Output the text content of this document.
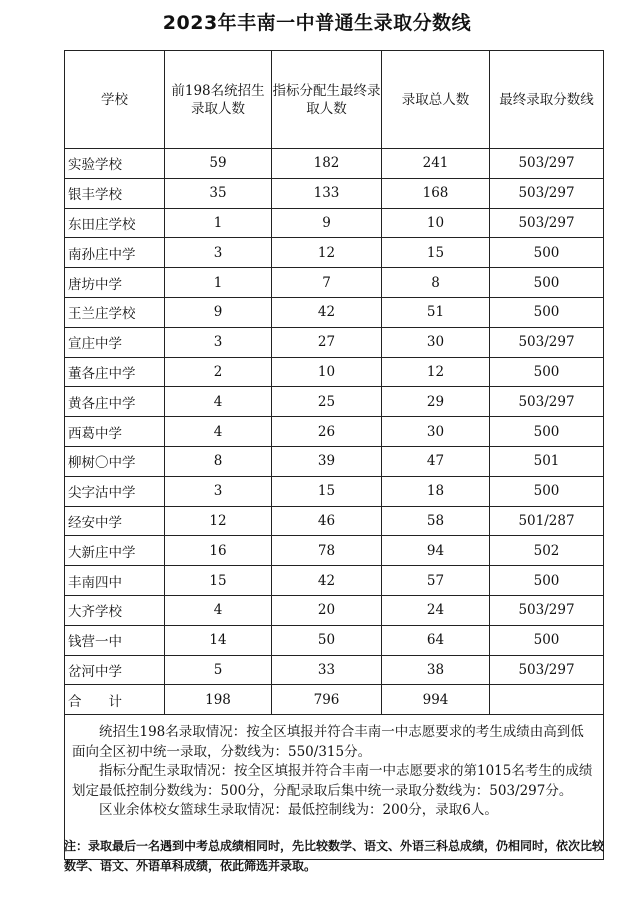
2023年丰南一中普通生录取分数线
学校	前198名统招生录取人数	指标分配生最终录取人数	录取总人数	最终录取分数线
实验学校	59	182	241	503/297
银丰学校	35	133	168	503/297
东田庄学校	1	9	10	503/297
南孙庄中学	3	12	15	500
唐坊中学	1	7	8	500
王兰庄学校	9	42	51	500
宣庄中学	3	27	30	503/297
董各庄中学	2	10	12	500
黄各庄中学	4	25	29	503/297
西葛中学	4	26	30	500
柳树〇中学	8	39	47	501
尖字沽中学	3	15	18	500
经安中学	12	46	58	501/287
大新庄中学	16	78	94	502
丰南四中	15	42	57	500
大齐学校	4	20	24	503/297
钱营一中	14	50	64	500
岔河中学	5	33	38	503/297
合　　计	198	796	994	

统招生198名录取情况：按全区填报并符合丰南一中志愿要求的考生成绩由高到低面向全区初中统一录取，分数线为：550/315分。

指标分配生录取情况：按全区填报并符合丰南一中志愿要求的第1015名考生的成绩划定最低控制分数线为：500分，分配录取后集中统一录取分数线为：503/297分。

区业余体校女篮球生录取情况：最低控制线为：200分，录取6人。				

注：录取最后一名遇到中考总成绩相同时，先比较数学、语文、外语三科总成绩，仍相同时，依次比较数学、语文、外语单科成绩，依此筛选并录取。
